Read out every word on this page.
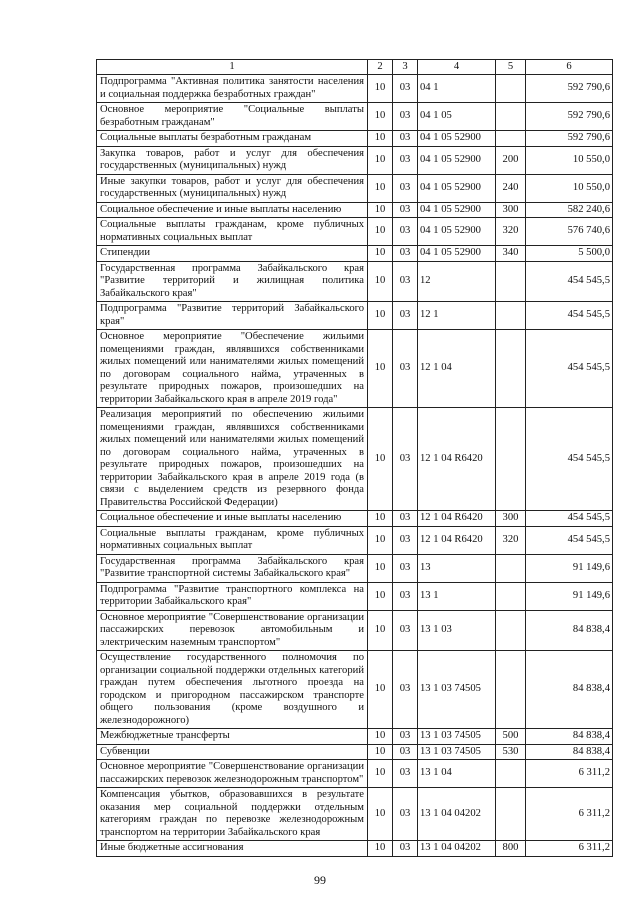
1	2	3	4	5	6
Подпрограмма "Активная политика занятости населения и социальная поддержка безработных граждан"	10	03	04 1		592 790,6
Основное мероприятие "Социальные выплаты безработным гражданам"	10	03	04 1 05		592 790,6
Социальные выплаты безработным гражданам	10	03	04 1 05 52900		592 790,6
Закупка товаров, работ и услуг для обеспечения государственных (муниципальных) нужд	10	03	04 1 05 52900	200	10 550,0
Иные закупки товаров, работ и услуг для обеспечения государственных (муниципальных) нужд	10	03	04 1 05 52900	240	10 550,0
Социальное обеспечение и иные выплаты населению	10	03	04 1 05 52900	300	582 240,6
Социальные выплаты гражданам, кроме публичных нормативных социальных выплат	10	03	04 1 05 52900	320	576 740,6
Стипендии	10	03	04 1 05 52900	340	5 500,0
Государственная программа Забайкальского края "Развитие территорий и жилищная политика Забайкальского края"	10	03	12		454 545,5
Подпрограмма "Развитие территорий Забайкальского края"	10	03	12 1		454 545,5
Основное мероприятие "Обеспечение жильими помещениями граждан, являвшихся собственниками жилых помещений или нанимателями жилых помещений по договорам социального найма, утраченных в результате природных пожаров, произошедших на территории Забайкальского края в апреле 2019 года"	10	03	12 1 04		454 545,5
Реализация мероприятий по обеспечению жильими помещениями граждан, являвшихся собственниками жилых помещений или нанимателями жилых помещений по договорам социального найма, утраченных в результате природных пожаров, произошедших на территории Забайкальского края в апреле 2019 года (в связи с выделением средств из резервного фонда Правительства Российской Федерации)	10	03	12 1 04 R6420		454 545,5
Социальное обеспечение и иные выплаты населению	10	03	12 1 04 R6420	300	454 545,5
Социальные выплаты гражданам, кроме публичных нормативных социальных выплат	10	03	12 1 04 R6420	320	454 545,5
Государственная программа Забайкальского края "Развитие транспортной системы Забайкальского края"	10	03	13		91 149,6
Подпрограмма "Развитие транспортного комплекса на территории Забайкальского края"	10	03	13 1		91 149,6
Основное мероприятие "Совершенствование организации пассажирских перевозок автомобильным и электрическим наземным транспортом"	10	03	13 1 03		84 838,4
Осуществление государственного полномочия по организации социальной поддержки отдельных категорий граждан путем обеспечения льготного проезда на городском и пригородном пассажирском транспорте общего пользования (кроме воздушного и железнодорожного)	10	03	13 1 03 74505		84 838,4
Межбюджетные трансферты	10	03	13 1 03 74505	500	84 838,4
Субвенции	10	03	13 1 03 74505	530	84 838,4
Основное мероприятие "Совершенствование организации пассажирских перевозок железнодорожным транспортом"	10	03	13 1 04		6 311,2
Компенсация убытков, образовавшихся в результате оказания мер социальной поддержки отдельным категориям граждан по перевозке железнодорожным транспортом на территории Забайкальского края	10	03	13 1 04 04202		6 311,2
Иные бюджетные ассигнования	10	03	13 1 04 04202	800	6 311,2
99
